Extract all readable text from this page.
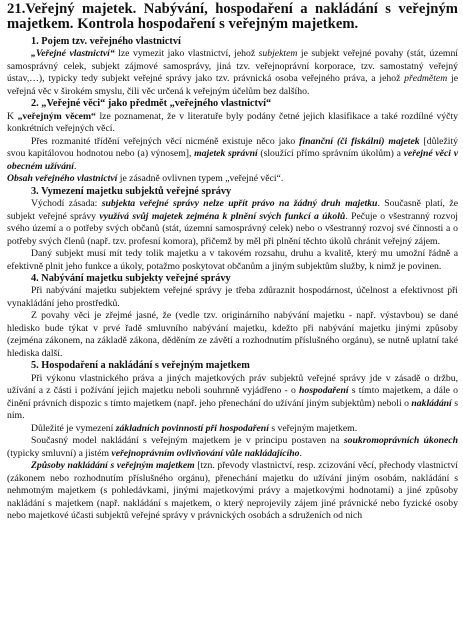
21.Veřejný majetek. Nabývání, hospodaření a nakládání s veřejným majetkem. Kontrola hospodaření s veřejným majetkem.
1. Pojem tzv. veřejného vlastnictví

„Veřejné vlastnictví“ lze vymezit jako vlastnictví, jehož subjektem je subjekt veřejné povahy (stát, územní samosprávný celek, subjekt zájmové samosprávy, jiná tzv. veřejnoprávní korporace, tzv. samostatný veřejný ústav,…), typicky tedy subjekt veřejné správy jako tzv. právnická osoba veřejného práva, a jehož předmětem je veřejná věc v širokém smyslu, čili věc určená k veřejným účelům bez dalšího.

2. „Veřejné věci“ jako předmět „veřejného vlastnictví“

K „veřejným věcem“ lze poznamenat, že v literatuře byly podány četné jejich klasifikace a také rozdílné výčty konkrétních veřejných věcí.

Přes rozmanité třídění veřejných věcí nicméně existuje něco jako finanční (či fiskální) majetek [důležitý svou kapitálovou hodnotou nebo (a) výnosem], majetek správní (sloužící přímo správním úkolům) a veřejné věci v obecném užívání.

Obsah veřejného vlastnictví je zásadně ovlivnen typem „veřejné věci“.

3. Vymezení majetku subjektů veřejné správy

Východí zásada: subjekta veřejné správy nelze upřít právo na žádný druh majetku. Současně platí, že subjekt veřejné správy využívá svůj majetek zejména k plnění svých funkcí a úkolů. Pečuje o všestranný rozvoj svého území a o potřeby svých občanů (stát, územní samosprávný celek) nebo o všestranný rozvoj své činnosti a o potřeby svých členů (např. tzv. profesní komora), přičemž by měl při plnění těchto úkolů chránit veřejný zájem.

Daný subjekt musí mít tedy tolik majetku a v takovém rozsahu, druhu a kvalitě, který mu umožní řádně a efektivně plnit jeho funkce a úkoly, potažmo poskytovat občanům a jiným subjektům služby, k nimž je povinen.

4. Nabývání majetku subjekty veřejné správy

Při nabývání majetku subjektem veřejné správy je třeba zdůraznit hospodárnost, účelnost a efektivnost při vynakládání jeho prostředků.

Z povahy věci je zřejmé jasné, že (vedle tzv. originárního nabývání majetku - např. výstavbou) se dané hledisko bude týkat v prvé řadě smluvního nabývání majetku, kdežto při nabývání majetku jinými způsoby (zejména zákonem, na základě zákona, děděním ze závětí a rozhodnutím příslušného orgánu), se nutně uplatní také hlediska další.

5. Hospodaření a nakládání s veřejným majetkem

Při výkonu vlastnického práva a jiných majetkových práv subjektů veřejné správy jde v zásadě o držbu, užívání a z části i požívání jejich majetku neboli souhrnně vyjádřeno - o hospodaření s tímto majetkem, a dále o činění právních dispozic s tímto majetkem (např. jeho přenechání do užívání jiným subjektům) neboli o nakládání s ním.

Důležité je vymezení základních povinností při hospodaření s veřejným majetkem.

Současný model nakládání s veřejným majetkem je v principu postaven na soukromoprávních úkonech (typicky smluvní) a jistém veřejnoprávním ovlivňování vůle nakládajícího.

Způsoby nakládání s veřejným majetkem [tzn. převody vlastnictví, resp. zcizování věcí, přechody vlastnictví (zákonem nebo rozhodnutím příslušného orgánu), přenechání majetku do užívání jiným osobám, nakládání s nehmotným majetkem (s pohledávkami, jinými majetkovými právy a majetkovými hodnotami) a jiné způsoby nakládání s majetkem (např. nakládání s majetkem, o který neprojevily zájem jiné právnické nebo fyzické osoby nebo majetkové účasti subjektů veřejné správy v právnických osobách a sdruženích od nich
